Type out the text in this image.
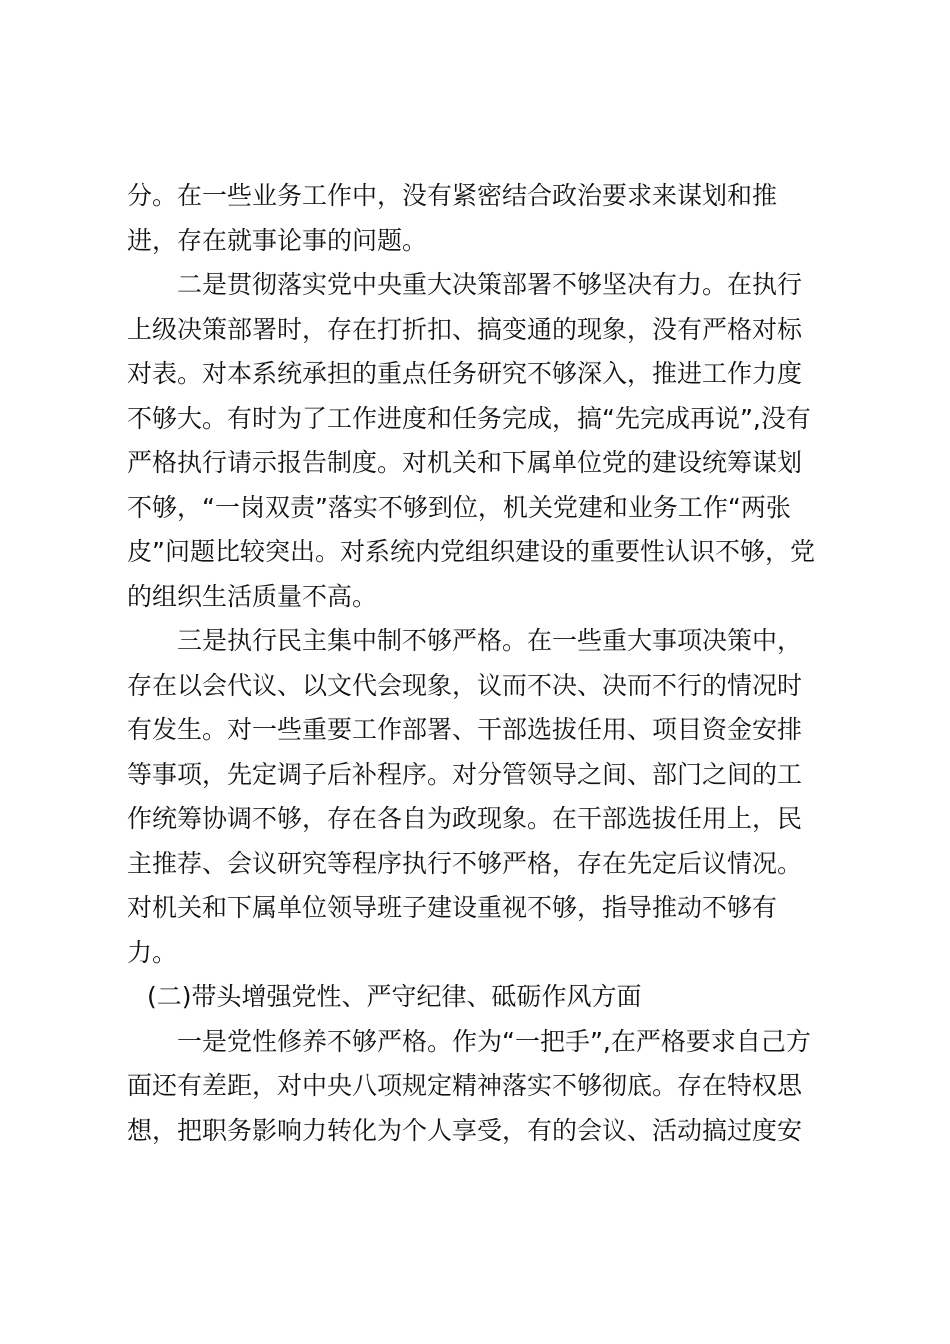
分。在一些业务工作中，没有紧密结合政治要求来谋划和推
进，存在就事论事的问题。
二是贯彻落实党中央重大决策部署不够坚决有力。在执行
上级决策部署时，存在打折扣、搞变通的现象，没有严格对标
对表。对本系统承担的重点任务研究不够深入，推进工作力度
不够大。有时为了工作进度和任务完成，搞“先完成再说”,没有
严格执行请示报告制度。对机关和下属单位党的建设统筹谋划
不够，“一岗双责”落实不够到位，机关党建和业务工作“两张
皮”问题比较突出。对系统内党组织建设的重要性认识不够，党
的组织生活质量不高。
三是执行民主集中制不够严格。在一些重大事项决策中，
存在以会代议、以文代会现象，议而不决、决而不行的情况时
有发生。对一些重要工作部署、干部选拔任用、项目资金安排
等事项，先定调子后补程序。对分管领导之间、部门之间的工
作统筹协调不够，存在各自为政现象。在干部选拔任用上，民
主推荐、会议研究等程序执行不够严格，存在先定后议情况。
对机关和下属单位领导班子建设重视不够，指导推动不够有
力。
(二)带头增强党性、严守纪律、砥砺作风方面
一是党性修养不够严格。作为“一把手”,在严格要求自己方
面还有差距，对中央八项规定精神落实不够彻底。存在特权思
想，把职务影响力转化为个人享受，有的会议、活动搞过度安
